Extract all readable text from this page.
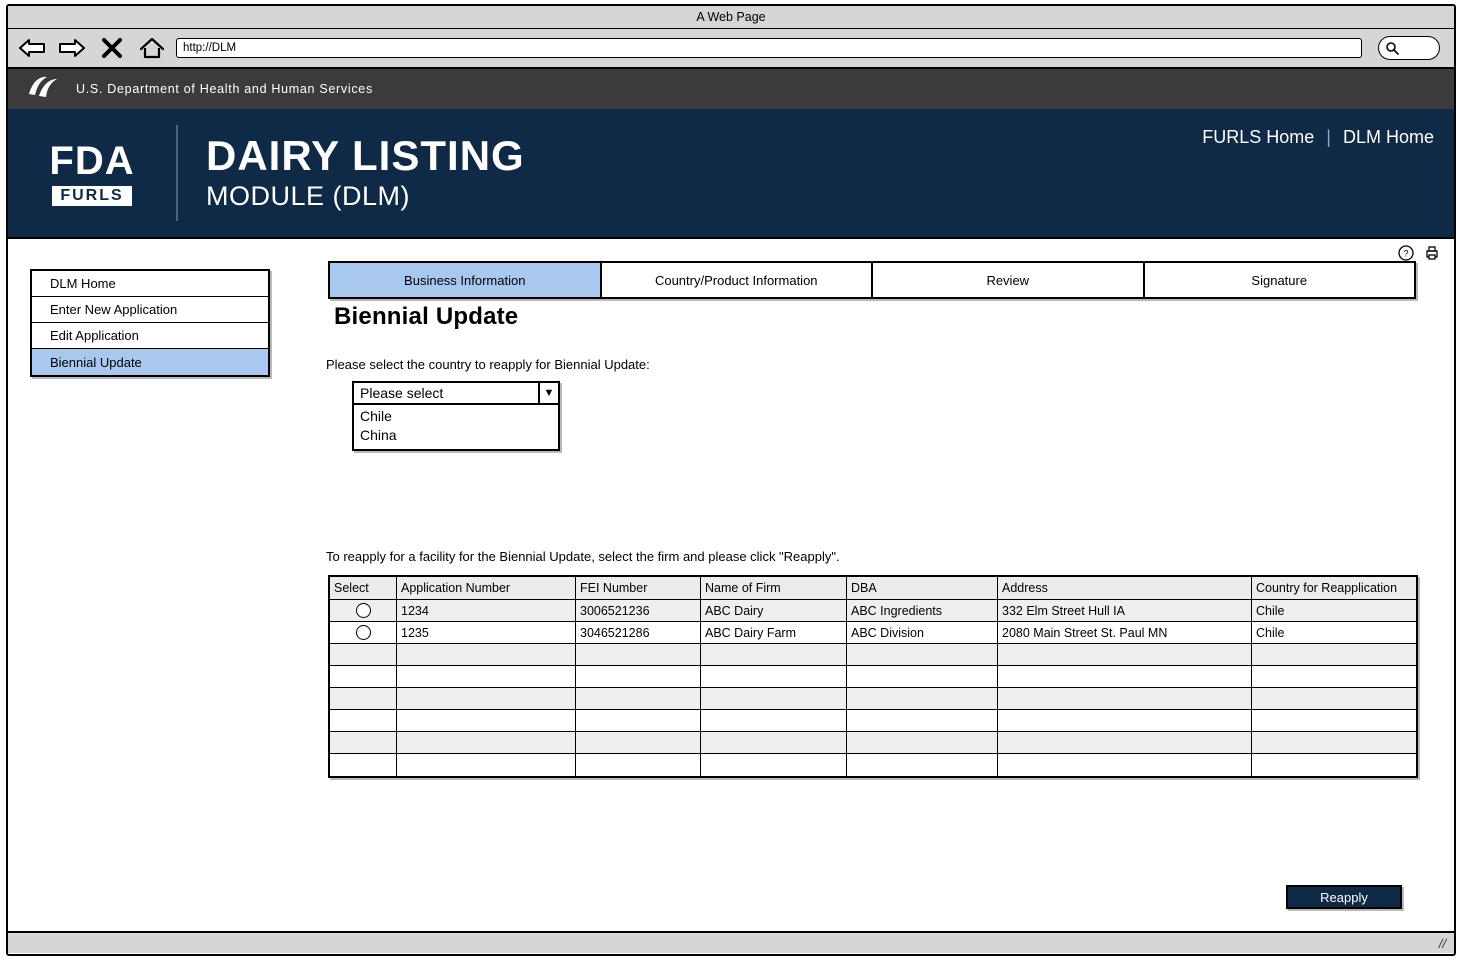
A Web Page
http://DLM
U.S. Department of Health and Human Services
FDA
FURLS
DAIRY LISTING
MODULE (DLM)
FURLS Home | DLM Home
?
DLM Home
Enter New Application
Edit Application
Biennial Update
Business Information	Country/Product Information	Review	Signature
Biennial Update
Please select the country to reapply for Biennial Update:
Please select	▼
Chile
China
To reapply for a facility for the Biennial Update, select the firm and please click "Reapply".
Select	Application Number	FEI Number	Name of Firm	DBA	Address	Country for Reapplication
	1234	3006521236	ABC Dairy	ABC Ingredients	332 Elm Street Hull IA	Chile
	1235	3046521286	ABC Dairy Farm	ABC Division	2080 Main Street St. Paul MN	Chile

Reapply
//
